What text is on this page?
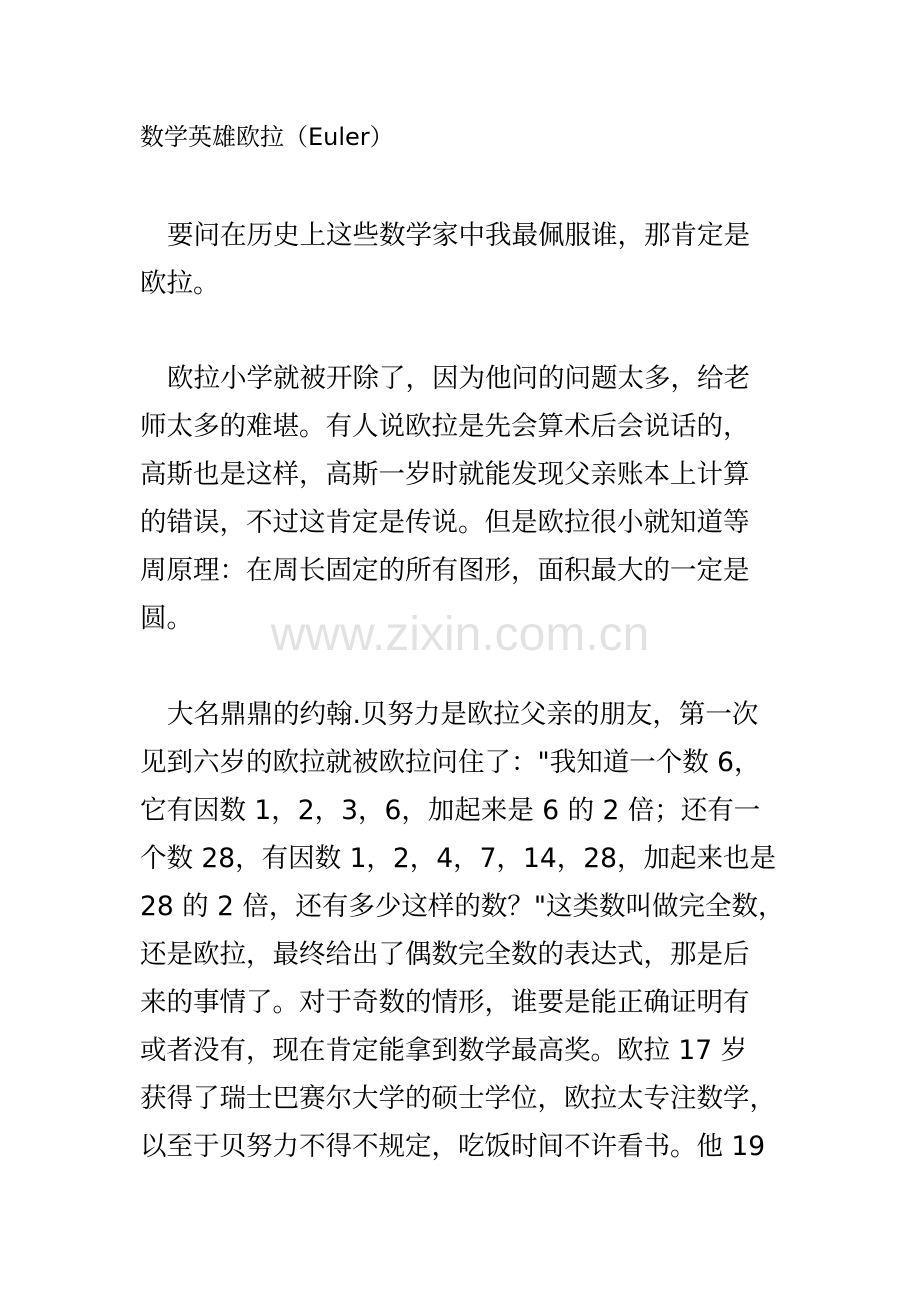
数学英雄欧拉（Euler）

要问在历史上这些数学家中我最佩服谁，那肯定是

欧拉。

欧拉小学就被开除了，因为他问的问题太多，给老

师太多的难堪。有人说欧拉是先会算术后会说话的，

高斯也是这样，高斯一岁时就能发现父亲账本上计算

的错误，不过这肯定是传说。但是欧拉很小就知道等

周原理：在周长固定的所有图形，面积最大的一定是

圆。

大名鼎鼎的约翰.贝努力是欧拉父亲的朋友，第一次

见到六岁的欧拉就被欧拉问住了："我知道一个数 6，

它有因数 1，2，3，6，加起来是 6 的 2 倍；还有一

个数 28，有因数 1，2，4，7，14，28，加起来也是

28 的 2 倍，还有多少这样的数？"这类数叫做完全数，

还是欧拉，最终给出了偶数完全数的表达式，那是后

来的事情了。对于奇数的情形，谁要是能正确证明有

或者没有，现在肯定能拿到数学最高奖。欧拉 17 岁

获得了瑞士巴赛尔大学的硕士学位，欧拉太专注数学，

以至于贝努力不得不规定，吃饭时间不许看书。他 19

www.zixin.com.cn
